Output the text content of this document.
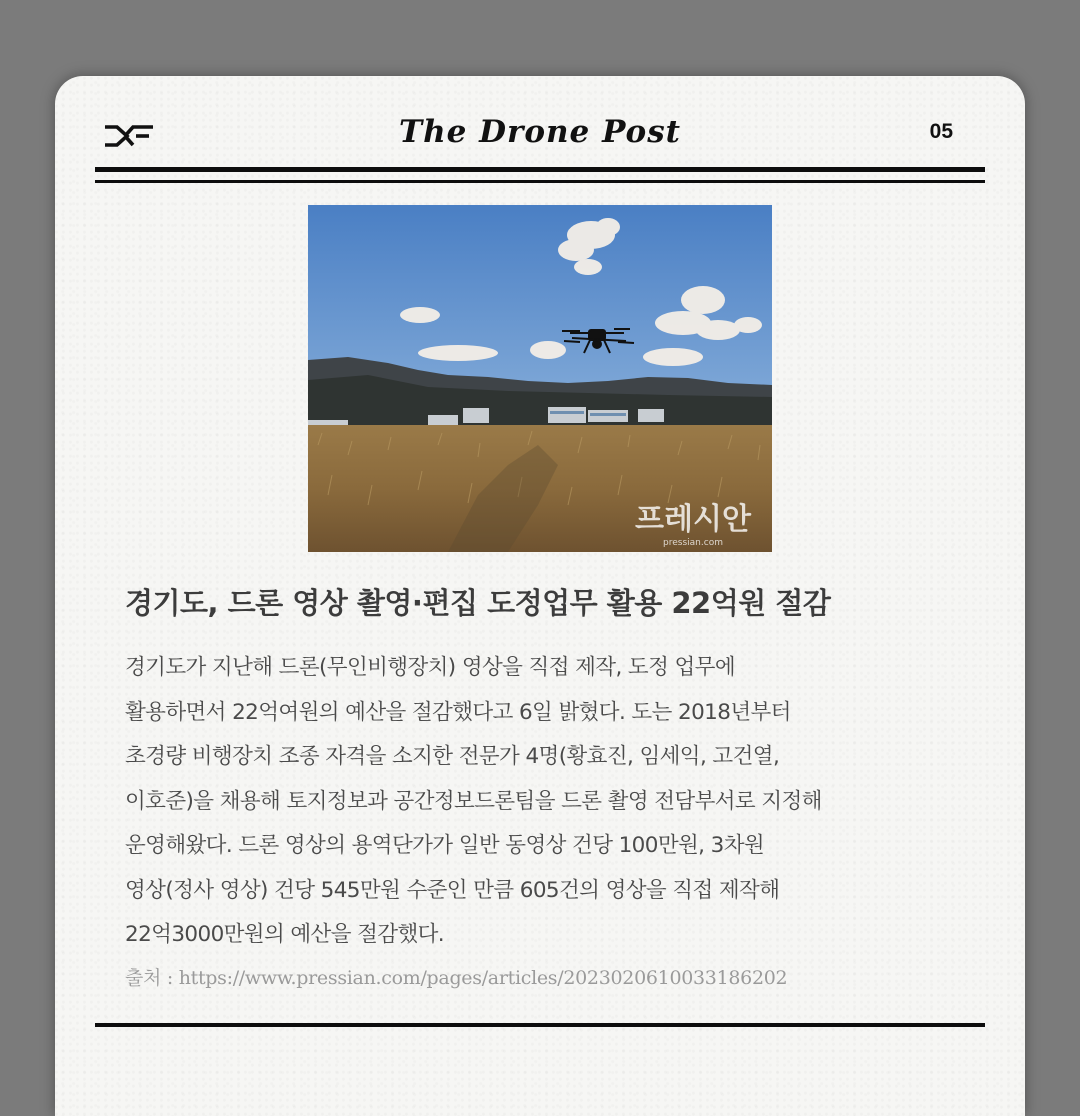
The Drone Post	05
프레시안
pressian.com
경기도, 드론 영상 촬영·편집 도정업무 활용 22억원 절감
경기도가 지난해 드론(무인비행장치) 영상을 직접 제작, 도정 업무에
활용하면서 22억여원의 예산을 절감했다고 6일 밝혔다. 도는 2018년부터
초경량 비행장치 조종 자격을 소지한 전문가 4명(황효진, 임세익, 고건열,
이호준)을 채용해 토지정보과 공간정보드론팀을 드론 촬영 전담부서로 지정해
운영해왔다. 드론 영상의 용역단가가 일반 동영상 건당 100만원, 3차원
영상(정사 영상) 건당 545만원 수준인 만큼 605건의 영상을 직접 제작해
22억3000만원의 예산을 절감했다.
출처 : https://www.pressian.com/pages/articles/2023020610033186202
